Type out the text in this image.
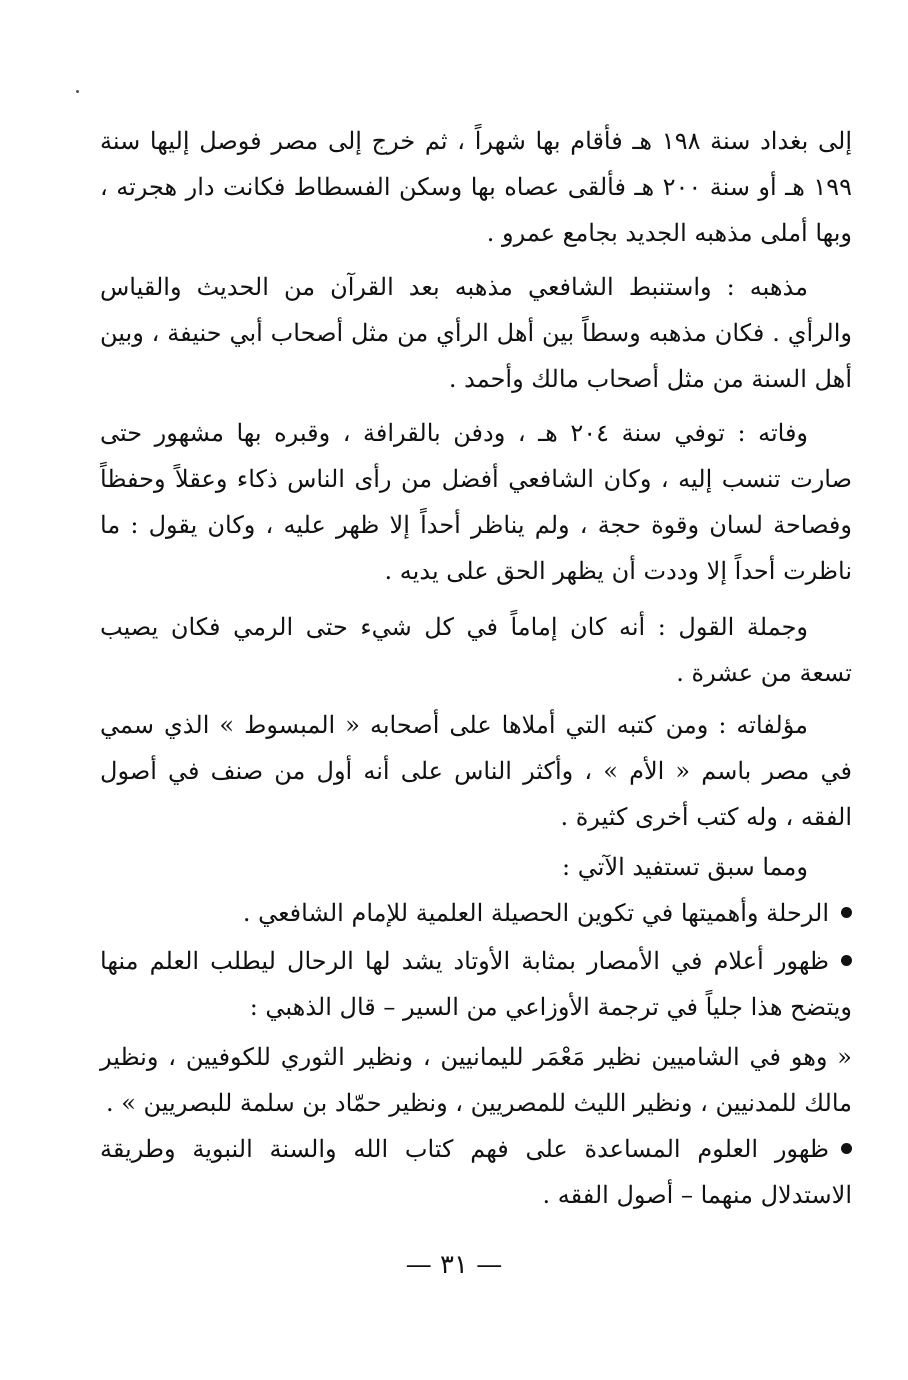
إلى بغداد سنة ١٩٨ هـ فأقام بها شهراً ، ثم خرج إلى مصر فوصل إليها سنة ١٩٩ هـ أو سنة ٢٠٠ هـ فألقى عصاه بها وسكن الفسطاط فكانت دار هجرته ، وبها أملى مذهبه الجديد بجامع عمرو .

مذهبه : واستنبط الشافعي مذهبه بعد القرآن من الحديث والقياس والرأي . فكان مذهبه وسطاً بين أهل الرأي من مثل أصحاب أبي حنيفة ، وبين أهل السنة من مثل أصحاب مالك وأحمد .

وفاته : توفي سنة ٢٠٤ هـ ، ودفن بالقرافة ، وقبره بها مشهور حتى صارت تنسب إليه ، وكان الشافعي أفضل من رأى الناس ذكاء وعقلاً وحفظاً وفصاحة لسان وقوة حجة ، ولم يناظر أحداً إلا ظهر عليه ، وكان يقول : ما ناظرت أحداً إلا وددت أن يظهر الحق على يديه .

وجملة القول : أنه كان إماماً في كل شيء حتى الرمي فكان يصيب تسعة من عشرة .

مؤلفاته : ومن كتبه التي أملاها على أصحابه « المبسوط » الذي سمي في مصر باسم « الأم » ، وأكثر الناس على أنه أول من صنف في أصول الفقه ، وله كتب أخرى كثيرة .

ومما سبق تستفيد الآتي :

الرحلة وأهميتها في تكوين الحصيلة العلمية للإمام الشافعي .

ظهور أعلام في الأمصار بمثابة الأوتاد يشد لها الرحال ليطلب العلم منها ويتضح هذا جلياً في ترجمة الأوزاعي من السير – قال الذهبي :

« وهو في الشاميين نظير مَعْمَر لليمانيين ، ونظير الثوري للكوفيين ، ونظير مالك للمدنيين ، ونظير الليث للمصريين ، ونظير حمّاد بن سلمة للبصريين » .

ظهور العلوم المساعدة على فهم كتاب الله والسنة النبوية وطريقة الاستدلال منهما – أصول الفقه .

— ٣١ —
